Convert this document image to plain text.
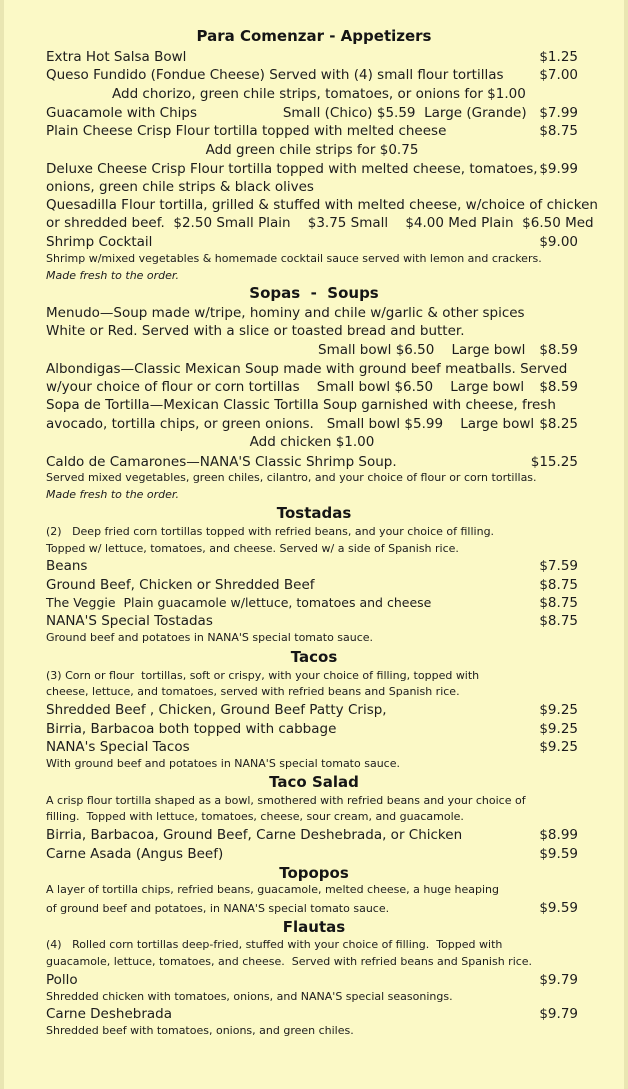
Para Comenzar - Appetizers
Extra Hot Salsa Bowl	$1.25
Queso Fundido (Fondue Cheese) Served with (4) small flour tortillas	$7.00
Add chorizo, green chile strips, tomatoes, or onions for $1.00
Guacamole with Chips                    Small (Chico) $5.59  Large (Grande) $7.99
Plain Cheese Crisp Flour tortilla topped with melted cheese	$8.75
Add green chile strips for $0.75
Deluxe Cheese Crisp Flour tortilla topped with melted cheese, tomatoes, $9.99
onions, green chile strips & black olives
Quesadilla Flour tortilla, grilled & stuffed with melted cheese, w/choice of chicken
or shredded beef.  $2.50 Small Plain    $3.75 Small    $4.00 Med Plain  $6.50 Med
Shrimp Cocktail	$9.00
Shrimp w/mixed vegetables & homemade cocktail sauce served with lemon and crackers.
Made fresh to the order.
Sopas  -  Soups
Menudo—Soup made w/tripe, hominy and chile w/garlic & other spices
White or Red. Served with a slice or toasted bread and butter.
Small bowl $6.50    Large bowl $8.59
Albondigas—Classic Mexican Soup made with ground beef meatballs. Served
w/your choice of flour or corn tortillas    Small bowl $6.50    Large bowl	$8.59
Sopa de Tortilla—Mexican Classic Tortilla Soup garnished with cheese, fresh
avocado, tortilla chips, or green onions.   Small bowl $5.99    Large bowl $8.25
Add chicken $1.00
Caldo de Camarones—NANA'S Classic Shrimp Soup.	$15.25
Served mixed vegetables, green chiles, cilantro, and your choice of flour or corn tortillas.
Made fresh to the order.
Tostadas
(2)   Deep fried corn tortillas topped with refried beans, and your choice of filling.
Topped w/ lettuce, tomatoes, and cheese. Served w/ a side of Spanish rice.
Beans	$7.59
Ground Beef, Chicken or Shredded Beef	$8.75
The Veggie  Plain guacamole w/lettuce, tomatoes and cheese	$8.75
NANA'S Special Tostadas	$8.75
Ground beef and potatoes in NANA'S special tomato sauce.
Tacos
(3) Corn or flour  tortillas, soft or crispy, with your choice of filling, topped with
cheese, lettuce, and tomatoes, served with refried beans and Spanish rice.
Shredded Beef , Chicken, Ground Beef Patty Crisp,	$9.25
Birria, Barbacoa both topped with cabbage	$9.25
NANA's Special Tacos	$9.25
With ground beef and potatoes in NANA'S special tomato sauce.
Taco Salad
A crisp flour tortilla shaped as a bowl, smothered with refried beans and your choice of
filling.  Topped with lettuce, tomatoes, cheese, sour cream, and guacamole.
Birria, Barbacoa, Ground Beef, Carne Deshebrada, or Chicken	$8.99
Carne Asada (Angus Beef)	$9.59
Topopos
A layer of tortilla chips, refried beans, guacamole, melted cheese, a huge heaping
of ground beef and potatoes, in NANA'S special tomato sauce.	$9.59
Flautas
(4)   Rolled corn tortillas deep-fried, stuffed with your choice of filling.  Topped with
guacamole, lettuce, tomatoes, and cheese.  Served with refried beans and Spanish rice.
Pollo	$9.79
Shredded chicken with tomatoes, onions, and NANA'S special seasonings.
Carne Deshebrada	$9.79
Shredded beef with tomatoes, onions, and green chiles.
